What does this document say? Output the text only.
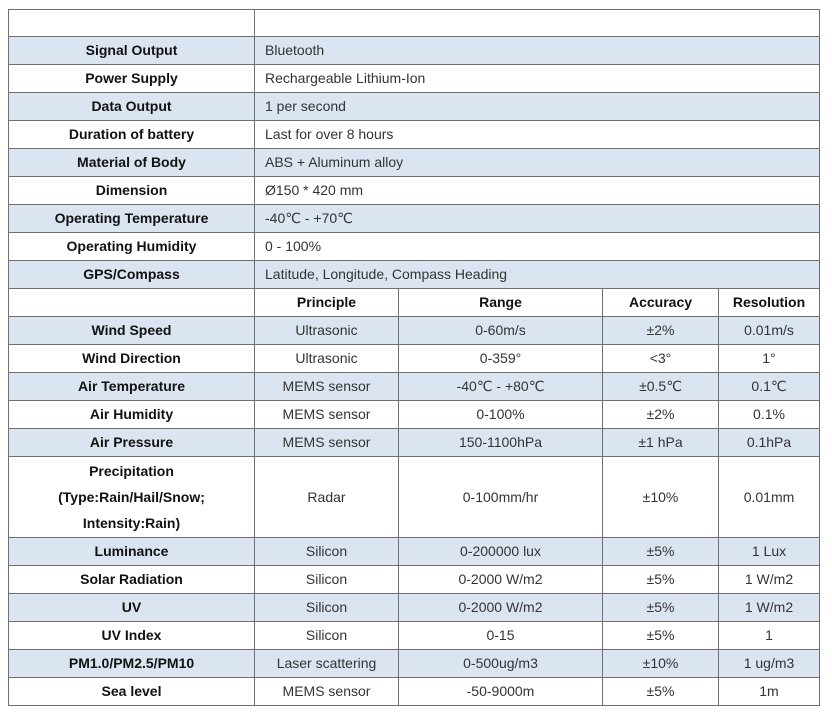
Signal Output	Bluetooth			
Power Supply	Rechargeable Lithium-Ion			
Data Output	1 per second			
Duration of battery	Last for over 8 hours			
Material of Body	ABS + Aluminum alloy			
Dimension	Ø150 * 420 mm			
Operating Temperature	-40℃ - +70℃			
Operating Humidity	0 - 100%			
GPS/Compass	Latitude, Longitude, Compass Heading			
	Principle	Range	Accuracy	Resolution
Wind Speed	Ultrasonic	0-60m/s	±2%	0.01m/s
Wind Direction	Ultrasonic	0-359°	<3°	1°
Air Temperature	MEMS sensor	-40℃ - +80℃	±0.5℃	0.1℃
Air Humidity	MEMS sensor	0-100%	±2%	0.1%
Air Pressure	MEMS sensor	150-1100hPa	±1 hPa	0.1hPa

Precipitation
(Type:Rain/Hail/Snow;
Intensity:Rain)	Radar	0-100mm/hr	±10%	0.01mm
Luminance	Silicon	0-200000 lux	±5%	1 Lux
Solar Radiation	Silicon	0-2000 W/m2	±5%	1 W/m2
UV	Silicon	0-2000 W/m2	±5%	1 W/m2
UV Index	Silicon	0-15	±5%	1
PM1.0/PM2.5/PM10	Laser scattering	0-500ug/m3	±10%	1 ug/m3
Sea level	MEMS sensor	-50-9000m	±5%	1m
